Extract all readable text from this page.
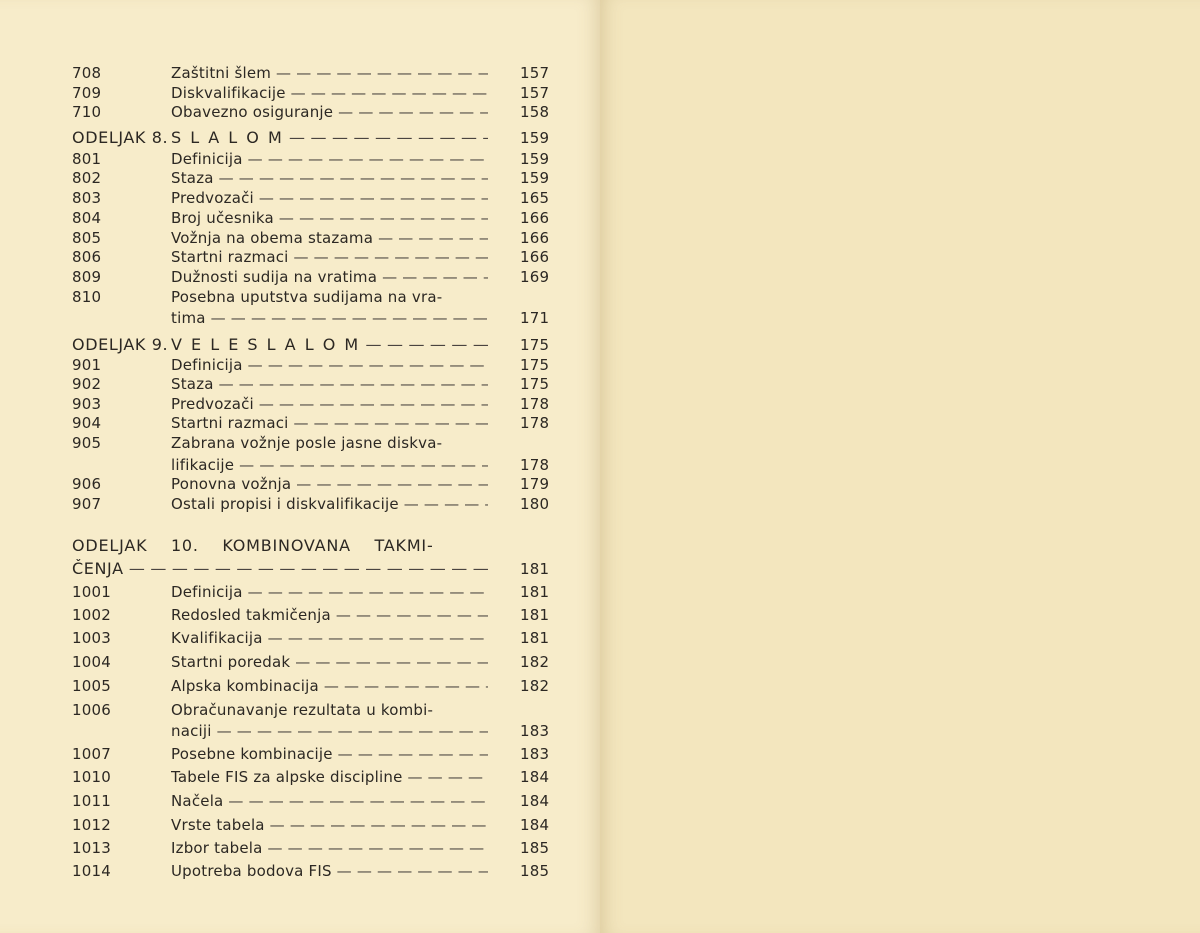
708	Zaštitni šlem — — —	157
709	Diskvalifikacije — — —	157
710	Obavezno osiguranje — — —	158
ODELJAK 8. S L A L O M — — —	159
801	Definicija — — —	159
802	Staza — — —	159
803	Predvozači — — —	165
804	Broj učesnika — — —	166
805	Vožnja na obema stazama — — —	166
806	Startni razmaci — — —	166
809	Dužnosti sudija na vratima — — —	169
810	Posebna uputstva sudijama na vra-
tima — — —	171
ODELJAK 9. V E L E S L A L O M — — —	175
901	Definicija — — —	175
902	Staza — — —	175
903	Predvozači — — —	178
904	Startni razmaci — — —	178
905	Zabrana vožnje posle jasne diskva-
lifikacije — — —	178
906	Ponovna vožnja — — —	179
907	Ostali propisi i diskvalifikacije — — —	180
ODELJAK    10.    KOMBINOVANA    TAKMI-
ČENJA — — —	181
1001	Definicija — — —	181
1002	Redosled takmičenja — — —	181
1003	Kvalifikacija — — —	181
1004	Startni poredak — — —	182
1005	Alpska kombinacija — — —	182
1006	Obračunavanje rezultata u kombi-
naciji — — —	183
1007	Posebne kombinacije — — —	183
1010	Tabele FIS za alpske discipline — — —	184
1011	Načela — — —	184
1012	Vrste tabela — — —	184
1013	Izbor tabela — — —	185
1014	Upotreba bodova FIS — — —	185
